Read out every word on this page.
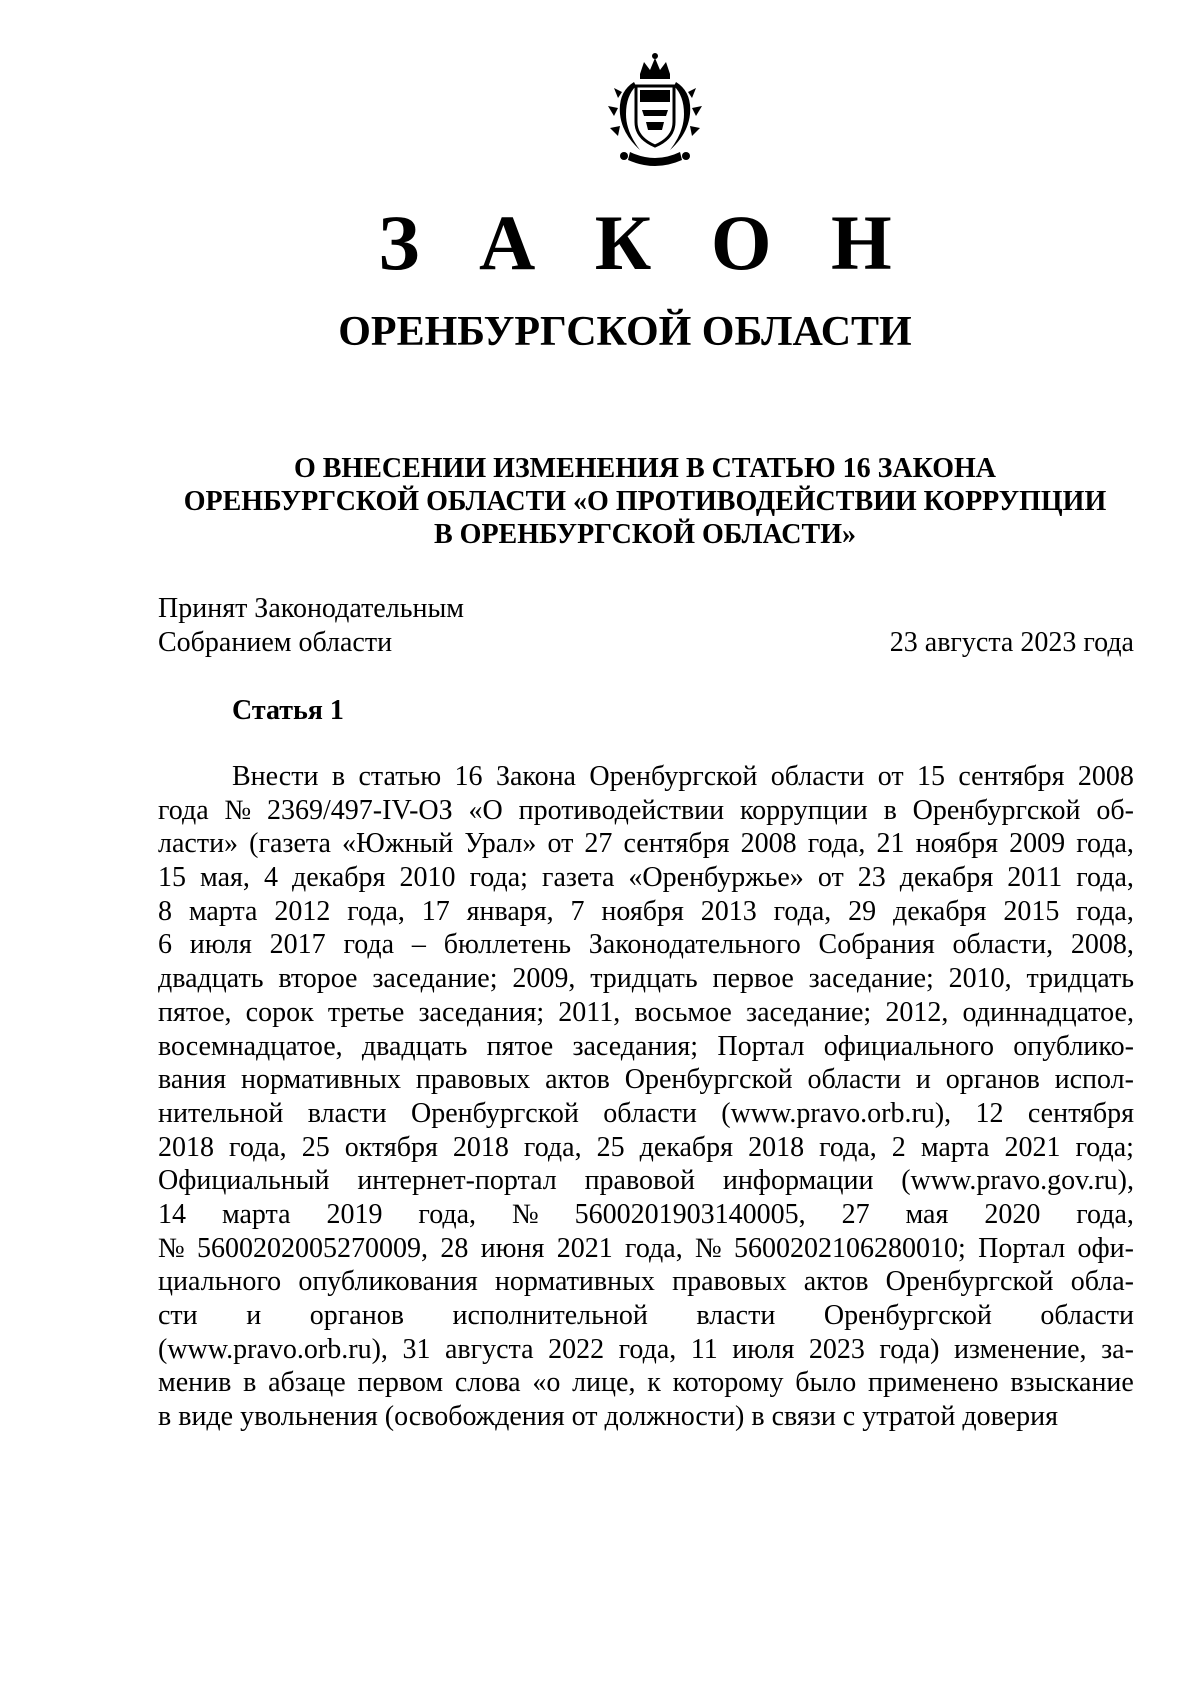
З А К О Н
ОРЕНБУРГСКОЙ ОБЛАСТИ
О ВНЕСЕНИИ ИЗМЕНЕНИЯ В СТАТЬЮ 16 ЗАКОНА
ОРЕНБУРГСКОЙ ОБЛАСТИ «О ПРОТИВОДЕЙСТВИИ КОРРУПЦИИ
В ОРЕНБУРГСКОЙ ОБЛАСТИ»
Принят Законодательным
Собранием области	23 августа 2023 года
Статья 1
Внести в статью 16 Закона Оренбургской области от 15 сентября 2008
года № 2369/497-IV-ОЗ «О противодействии коррупции в Оренбургской об-
ласти» (газета «Южный Урал» от 27 сентября 2008 года, 21 ноября 2009 года,
15 мая, 4 декабря 2010 года; газета «Оренбуржье» от 23 декабря 2011 года,
8 марта 2012 года, 17 января, 7 ноября 2013 года, 29 декабря 2015 года,
6 июля 2017 года – бюллетень Законодательного Собрания области, 2008,
двадцать второе заседание; 2009, тридцать первое заседание; 2010, тридцать
пятое, сорок третье заседания; 2011, восьмое заседание; 2012, одиннадцатое,
восемнадцатое, двадцать пятое заседания; Портал официального опублико-
вания нормативных правовых актов Оренбургской области и органов испол-
нительной власти Оренбургской области (www.pravo.orb.ru), 12 сентября
2018 года, 25 октября 2018 года, 25 декабря 2018 года, 2 марта 2021 года;
Официальный интернет-портал правовой информации (www.pravo.gov.ru),
14 марта 2019 года, № 5600201903140005, 27 мая 2020 года,
№ 5600202005270009, 28 июня 2021 года, № 5600202106280010; Портал офи-
циального опубликования нормативных правовых актов Оренбургской обла-
сти и органов исполнительной власти Оренбургской области
(www.pravo.orb.ru), 31 августа 2022 года, 11 июля 2023 года) изменение, за-
менив в абзаце первом слова «о лице, к которому было применено взыскание
в виде увольнения (освобождения от должности) в связи с утратой доверия
